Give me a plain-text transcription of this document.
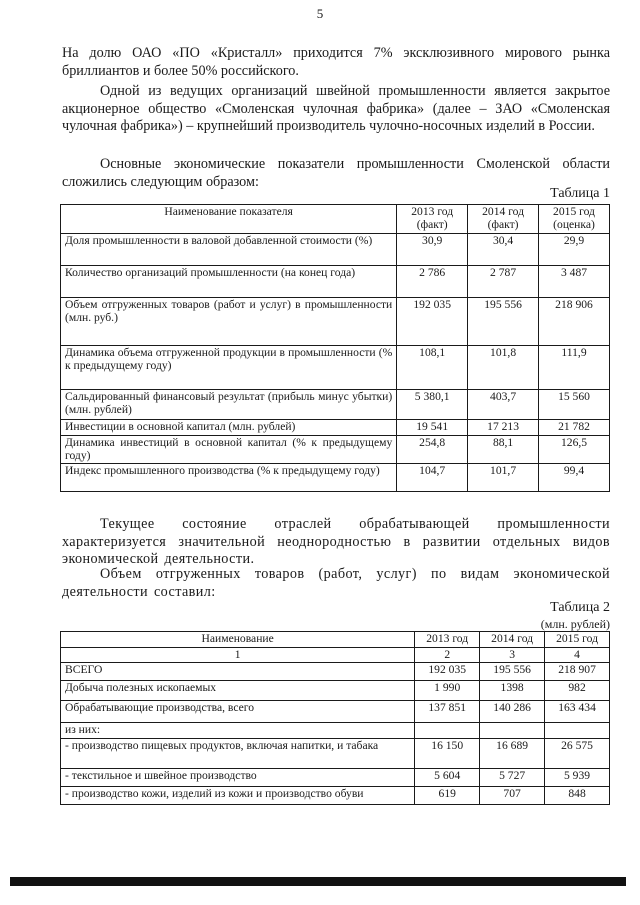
5

На долю ОАО «ПО «Кристалл» приходится 7% эксклюзивного мирового рынка бриллиантов и более 50% российского.

Одной из ведущих организаций швейной промышленности является закрытое акционерное общество «Смоленская чулочная фабрика» (далее – ЗАО «Смоленская чулочная фабрика») – крупнейший производитель чулочно-носочных изделий в России.

Основные экономические показатели промышленности Смоленской области сложились следующим образом:

Таблица 1
Наименование показателя	2013 год (факт)	2014 год (факт)	2015 год (оценка)
Доля промышленности в валовой добавленной стоимости (%)	30,9	30,4	29,9
Количество организаций промышленности (на конец года)	2 786	2 787	3 487
Объем отгруженных товаров (работ и услуг) в промышленности (млн. руб.)	192 035	195 556	218 906
Динамика объема отгруженной продукции в промышленности (% к предыдущему году)	108,1	101,8	111,9
Сальдированный финансовый результат (прибыль минус убытки) (млн. рублей)	5 380,1	403,7	15 560
Инвестиции в основной капитал (млн. рублей)	19 541	17 213	21 782
Динамика инвестиций в основной капитал (% к предыдущему году)	254,8	88,1	126,5
Индекс промышленного производства (% к предыдущему году)	104,7	101,7	99,4

Текущее состояние отраслей обрабатывающей промышленности характеризуется значительной неоднородностью в развитии отдельных видов экономической деятельности.

Объем отгруженных товаров (работ, услуг) по видам экономической деятельности составил:

Таблица 2
(млн. рублей)
Наименование	2013 год	2014 год	2015 год
1	2	3	4
ВСЕГО	192 035	195 556	218 907
Добыча полезных ископаемых	1 990	1398	982
Обрабатывающие производства, всего	137 851	140 286	163 434
из них:			
- производство пищевых продуктов, включая напитки, и табака	16 150	16 689	26 575
- текстильное и швейное производство	5 604	5 727	5 939
- производство кожи, изделий из кожи и производство обуви	619	707	848
